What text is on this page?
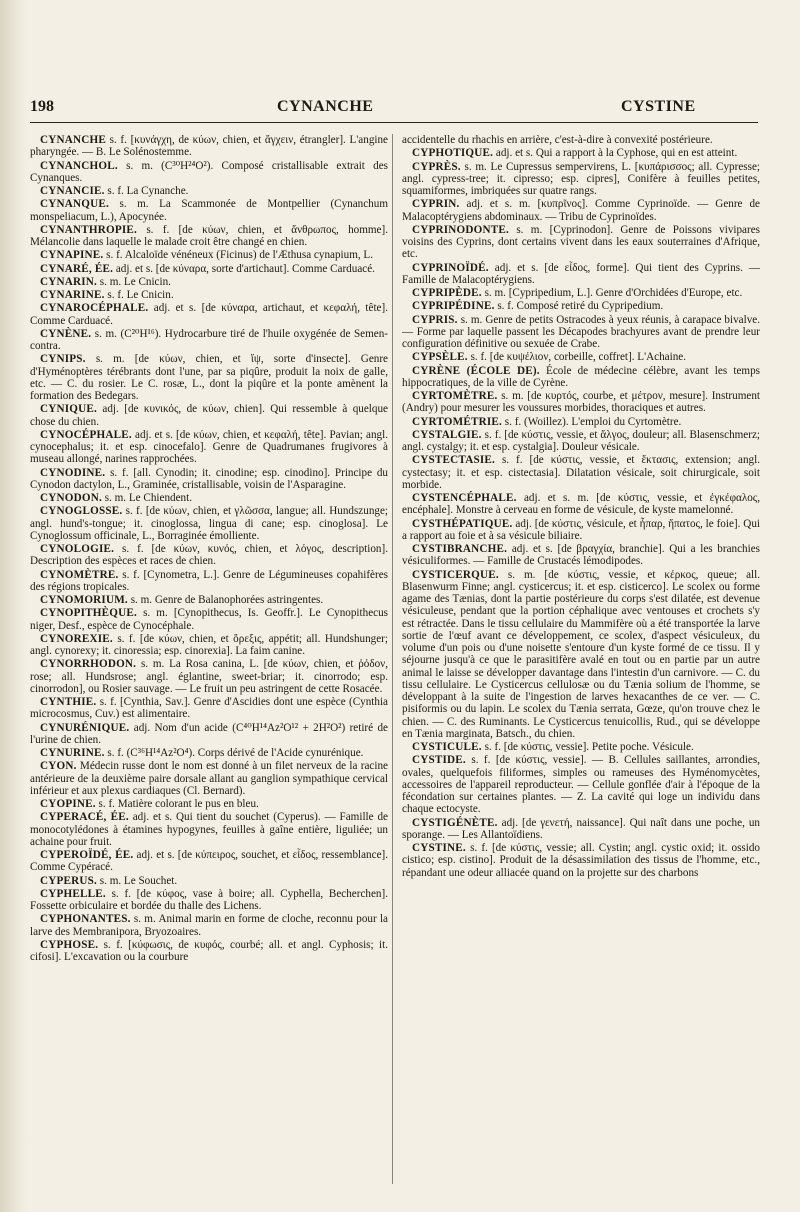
198	CYNANCHE	CYSTINE

CYNANCHE s. f. [κυνάγχη, de κύων, chien, et ἄγχειν, étrangler]. L'angine pharyngée. — B. Le Solénostemme.

CYNANCHOL. s. m. (C³⁰H²⁴O²). Composé cristallisable extrait des Cynanques.

CYNANCIE. s. f. La Cynanche.

CYNANQUE. s. m. La Scammonée de Montpellier (Cynanchum monspeliacum, L.), Apocynée.

CYNANTHROPIE. s. f. [de κύων, chien, et ἄνθρωπος, homme]. Mélancolie dans laquelle le malade croit être changé en chien.

CYNAPINE. s. f. Alcaloïde vénéneux (Ficinus) de l'Æthusa cynapium, L.

CYNARÉ, ÉE. adj. et s. [de κύναρα, sorte d'artichaut]. Comme Carduacé.

CYNARIN. s. m. Le Cnicin.

CYNARINE. s. f. Le Cnicin.

CYNAROCÉPHALE. adj. et s. [de κύναρα, artichaut, et κεφαλή, tête]. Comme Carduacé.

CYNÈNE. s. m. (C²⁰H¹⁶). Hydrocarbure tiré de l'huile oxygénée de Semen-contra.

CYNIPS. s. m. [de κύων, chien, et ἴψ, sorte d'insecte]. Genre d'Hyménoptères térébrants dont l'une, par sa piqûre, produit la noix de galle, etc. — C. du rosier. Le C. rosæ, L., dont la piqûre et la ponte amènent la formation des Bedegars.

CYNIQUE. adj. [de κυνικός, de κύων, chien]. Qui ressemble à quelque chose du chien.

CYNOCÉPHALE. adj. et s. [de κύων, chien, et κεφαλή, tête]. Pavian; angl. cynocephalus; it. et esp. cinocefalo]. Genre de Quadrumanes frugivores à museau allongé, narines rapprochées.

CYNODINE. s. f. [all. Cynodin; it. cinodine; esp. cinodino]. Principe du Cynodon dactylon, L., Graminée, cristallisable, voisin de l'Asparagine.

CYNODON. s. m. Le Chiendent.

CYNOGLOSSE. s. f. [de κύων, chien, et γλῶσσα, langue; all. Hundszunge; angl. hund's-tongue; it. cinoglossa, lingua di cane; esp. cinoglosa]. Le Cynoglossum officinale, L., Borraginée émolliente.

CYNOLOGIE. s. f. [de κύων, κυνός, chien, et λόγος, description]. Description des espèces et races de chien.

CYNOMÈTRE. s. f. [Cynometra, L.]. Genre de Légumineuses copahifères des régions tropicales.

CYNOMORIUM. s. m. Genre de Balanophorées astringentes.

CYNOPITHÈQUE. s. m. [Cynopithecus, Is. Geoffr.]. Le Cynopithecus niger, Desf., espèce de Cynocéphale.

CYNOREXIE. s. f. [de κύων, chien, et ὄρεξις, appétit; all. Hundshunger; angl. cynorexy; it. cinoressia; esp. cinorexia]. La faim canine.

CYNORRHODON. s. m. La Rosa canina, L. [de κύων, chien, et ῥόδον, rose; all. Hundsrose; angl. églantine, sweet-briar; it. cinorrodo; esp. cinorrodon], ou Rosier sauvage. — Le fruit un peu astringent de cette Rosacée.

CYNTHIE. s. f. [Cynthia, Sav.]. Genre d'Ascidies dont une espèce (Cynthia microcosmus, Cuv.) est alimentaire.

CYNURÉNIQUE. adj. Nom d'un acide (C⁴⁰H¹⁴Az²O¹² + 2H²O²) retiré de l'urine de chien.

CYNURINE. s. f. (C³⁶H¹⁴Az²O⁴). Corps dérivé de l'Acide cynurénique.

CYON. Médecin russe dont le nom est donné à un filet nerveux de la racine antérieure de la deuxième paire dorsale allant au ganglion sympathique cervical inférieur et aux plexus cardiaques (Cl. Bernard).

CYOPINE. s. f. Matière colorant le pus en bleu.

CYPERACÉ, ÉE. adj. et s. Qui tient du souchet (Cyperus). — Famille de monocotylédones à étamines hypogynes, feuilles à gaîne entière, liguliée; un achaine pour fruit.

CYPEROÏDÉ, ÉE. adj. et s. [de κύπειρος, souchet, et εἶδος, ressemblance]. Comme Cypéracé.

CYPERUS. s. m. Le Souchet.

CYPHELLE. s. f. [de κύφος, vase à boire; all. Cyphella, Becherchen]. Fossette orbiculaire et bordée du thalle des Lichens.

CYPHONANTES. s. m. Animal marin en forme de cloche, reconnu pour la larve des Membranipora, Bryozoaires.

CYPHOSE. s. f. [κύφωσις, de κυφός, courbé; all. et angl. Cyphosis; it. cifosi]. L'excavation ou la courbure

accidentelle du rhachis en arrière, c'est-à-dire à convexité postérieure.

CYPHOTIQUE. adj. et s. Qui a rapport à la Cyphose, qui en est atteint.

CYPRÈS. s. m. Le Cupressus sempervirens, L. [κυπάρισσος; all. Cypresse; angl. cypress-tree; it. cipresso; esp. cipres], Conifère à feuilles petites, squamiformes, imbriquées sur quatre rangs.

CYPRIN. adj. et s. m. [κυπρῖνος]. Comme Cyprinoïde. — Genre de Malacoptérygiens abdominaux. — Tribu de Cyprinoïdes.

CYPRINODONTE. s. m. [Cyprinodon]. Genre de Poissons vivipares voisins des Cyprins, dont certains vivent dans les eaux souterraines d'Afrique, etc.

CYPRINOÏDÉ. adj. et s. [de εἶδος, forme]. Qui tient des Cyprins. — Famille de Malacoptérygiens.

CYPRIPÈDE. s. m. [Cypripedium, L.]. Genre d'Orchidées d'Europe, etc.

CYPRIPÉDINE. s. f. Composé retiré du Cypripedium.

CYPRIS. s. m. Genre de petits Ostracodes à yeux réunis, à carapace bivalve. — Forme par laquelle passent les Décapodes brachyures avant de prendre leur configuration définitive ou sexuée de Crabe.

CYPSÈLE. s. f. [de κυψέλιον, corbeille, coffret]. L'Achaine.

CYRÈNE (ÉCOLE DE). École de médecine célèbre, avant les temps hippocratiques, de la ville de Cyrène.

CYRTOMÈTRE. s. m. [de κυρτός, courbe, et μέτρον, mesure]. Instrument (Andry) pour mesurer les voussures morbides, thoraciques et autres.

CYRTOMÉTRIE. s. f. (Woillez). L'emploi du Cyrtomètre.

CYSTALGIE. s. f. [de κύστις, vessie, et ἄλγος, douleur; all. Blasenschmerz; angl. cystalgy; it. et esp. cystalgia]. Douleur vésicale.

CYSTECTASIE. s. f. [de κύστις, vessie, et ἔκτασις, extension; angl. cystectasy; it. et esp. cistectasia]. Dilatation vésicale, soit chirurgicale, soit morbide.

CYSTENCÉPHALE. adj. et s. m. [de κύστις, vessie, et ἐγκέφαλος, encéphale]. Monstre à cerveau en forme de vésicule, de kyste mamelonné.

CYSTHÉPATIQUE. adj. [de κύστις, vésicule, et ἧπαρ, ἥπατος, le foie]. Qui a rapport au foie et à sa vésicule biliaire.

CYSTIBRANCHE. adj. et s. [de βραγχία, branchie]. Qui a les branchies vésiculiformes. — Famille de Crustacés lémodipodes.

CYSTICERQUE. s. m. [de κύστις, vessie, et κέρκος, queue; all. Blasenwurm Finne; angl. cysticercus; it. et esp. cisticerco]. Le scolex ou forme agame des Tænias, dont la partie postérieure du corps s'est dilatée, est devenue vésiculeuse, pendant que la portion céphalique avec ventouses et crochets s'y est rétractée. Dans le tissu cellulaire du Mammifère où a été transportée la larve sortie de l'œuf avant ce développement, ce scolex, d'aspect vésiculeux, du volume d'un pois ou d'une noisette s'entoure d'un kyste formé de ce tissu. Il y séjourne jusqu'à ce que le parasitifère avalé en tout ou en partie par un autre animal le laisse se développer davantage dans l'intestin d'un carnivore. — C. du tissu cellulaire. Le Cysticercus cellulosæ ou du Tænia solium de l'homme, se développant à la suite de l'ingestion de larves hexacanthes de ce ver. — C. pisiformis ou du lapin. Le scolex du Tænia serrata, Gœze, qu'on trouve chez le chien. — C. des Ruminants. Le Cysticercus tenuicollis, Rud., qui se développe en Tænia marginata, Batsch., du chien.

CYSTICULE. s. f. [de κύστις, vessie]. Petite poche. Vésicule.

CYSTIDE. s. f. [de κύστις, vessie]. — B. Cellules saillantes, arrondies, ovales, quelquefois filiformes, simples ou rameuses des Hyménomycètes, accessoires de l'appareil reproducteur. — Cellule gonflée d'air à l'époque de la fécondation sur certaines plantes. — Z. La cavité qui loge un individu dans chaque ectocyste.

CYSTIGÉNÈTE. adj. [de γενετή, naissance]. Qui naît dans une poche, un sporange. — Les Allantoïdiens.

CYSTINE. s. f. [de κύστις, vessie; all. Cystin; angl. cystic oxid; it. ossido cistico; esp. cistino]. Produit de la désassimilation des tissus de l'homme, etc., répandant une odeur alliacée quand on la projette sur des charbons
